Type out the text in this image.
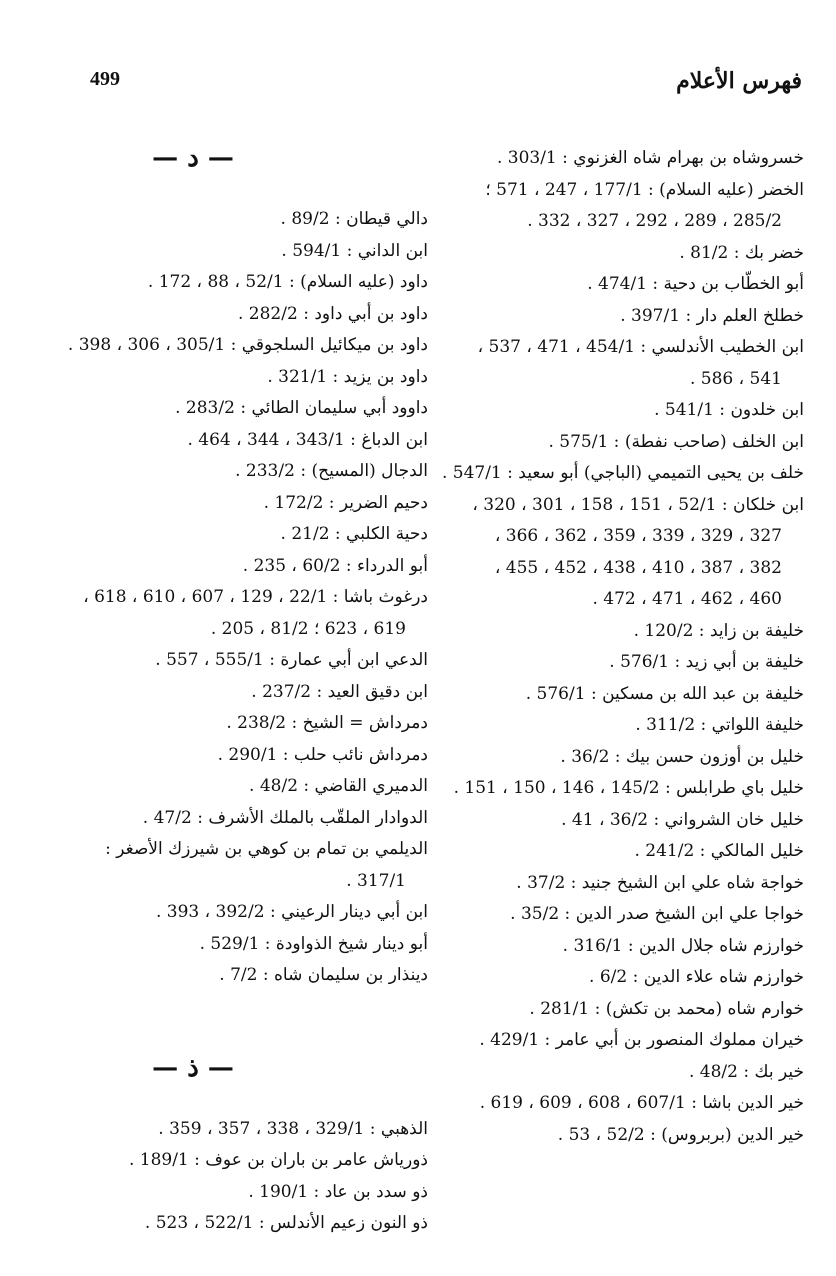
499	فهرس الأعلام
خسروشاه بن بهرام شاه الغزنوي : 303/1 .
الخضر (عليه السلام) : 177/1 ، 247 ، 571 ؛
285/2 ، 289 ، 292 ، 327 ، 332 .
خضر بك : 81/2 .
أبو الخطّاب بن دحية : 474/1 .
خطلخ العلم دار : 397/1 .
ابن الخطيب الأندلسي : 454/1 ، 471 ، 537 ،
541 ، 586 .
ابن خلدون : 541/1 .
ابن الخلف (صاحب نفطة) : 575/1 .
خلف بن يحيى التميمي (الباجي) أبو سعيد : 547/1 .
ابن خلكان : 52/1 ، 151 ، 158 ، 301 ، 320 ،
327 ، 329 ، 339 ، 359 ، 362 ، 366 ،
382 ، 387 ، 410 ، 438 ، 452 ، 455 ،
460 ، 462 ، 471 ، 472 .
خليفة بن زايد : 120/2 .
خليفة بن أبي زيد : 576/1 .
خليفة بن عبد الله بن مسكين : 576/1 .
خليفة اللواتي : 311/2 .
خليل بن أوزون حسن بيك : 36/2 .
خليل باي طرابلس : 145/2 ، 146 ، 150 ، 151 .
خليل خان الشرواني : 36/2 ، 41 .
خليل المالكي : 241/2 .
خواجة شاه علي ابن الشيخ جنيد : 37/2 .
خواجا علي ابن الشيخ صدر الدين : 35/2 .
خوارزم شاه جلال الدين : 316/1 .
خوارزم شاه علاء الدين : 6/2 .
خوارم شاه (محمد بن تكش) : 281/1 .
خيران مملوك المنصور بن أبي عامر : 429/1 .
خير بك : 48/2 .
خير الدين باشا : 607/1 ، 608 ، 609 ، 619 .
خير الدين (بربروس) : 52/2 ، 53 .
— د —
دالي قيطان : 89/2 .
ابن الداني : 594/1 .
داود (عليه السلام) : 52/1 ، 88 ، 172 .
داود بن أبي داود : 282/2 .
داود بن ميكائيل السلجوقي : 305/1 ، 306 ، 398 .
داود بن يزيد : 321/1 .
داوود أبي سليمان الطائي : 283/2 .
ابن الدباغ : 343/1 ، 344 ، 464 .
الدجال (المسيح) : 233/2 .
دحيم الضرير : 172/2 .
دحية الكلبي : 21/2 .
أبو الدرداء : 60/2 ، 235 .
درغوث باشا : 22/1 ، 129 ، 607 ، 610 ، 618 ،
619 ، 623 ؛ 81/2 ، 205 .
الدعي ابن أبي عمارة : 555/1 ، 557 .
ابن دقيق العيد : 237/2 .
دمرداش = الشيخ : 238/2 .
دمرداش نائب حلب : 290/1 .
الدميري القاضي : 48/2 .
الدوادار الملقّب بالملك الأشرف : 47/2 .
الديلمي بن تمام بن كوهي بن شيرزك الأصغر :
317/1 .
ابن أبي دينار الرعيني : 392/2 ، 393 .
أبو دينار شيخ الذواودة : 529/1 .
دينذار بن سليمان شاه : 7/2 .
— ذ —
الذهبي : 329/1 ، 338 ، 357 ، 359 .
ذورياش عامر بن باران بن عوف : 189/1 .
ذو سدد بن عاد : 190/1 .
ذو النون زعيم الأندلس : 522/1 ، 523 .
